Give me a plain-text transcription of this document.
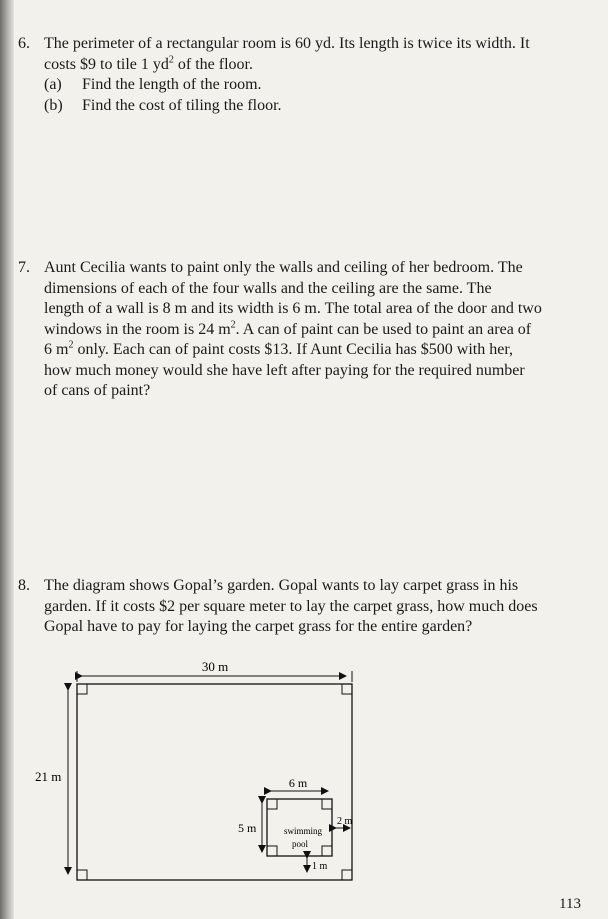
6. The perimeter of a rectangular room is 60 yd. Its length is twice its width. It
costs $9 to tile 1 $yd^2$ of the floor.
(a) Find the length of the room.
(b) Find the cost of tiling the floor.
7. Aunt Cecilia wants to paint only the walls and ceiling of her bedroom. The
dimensions of each of the four walls and the ceiling are the same. The
length of a wall is 8 m and its width is 6 m. The total area of the door and two
windows in the room is 24 $m^2$. A can of paint can be used to paint an area of
6 $m^2$ only. Each can of paint costs $13. If Aunt Cecilia has $500 with her,
how much money would she have left after paying for the required number
of cans of paint?
8. The diagram shows Gopal’s garden. Gopal wants to lay carpet grass in his
garden. If it costs $2 per square meter to lay the carpet grass, how much does
Gopal have to pay for laying the carpet grass for the entire garden?
30 m
21 m
swimming
pool
6 m
5 m	2 m
1 m
113
